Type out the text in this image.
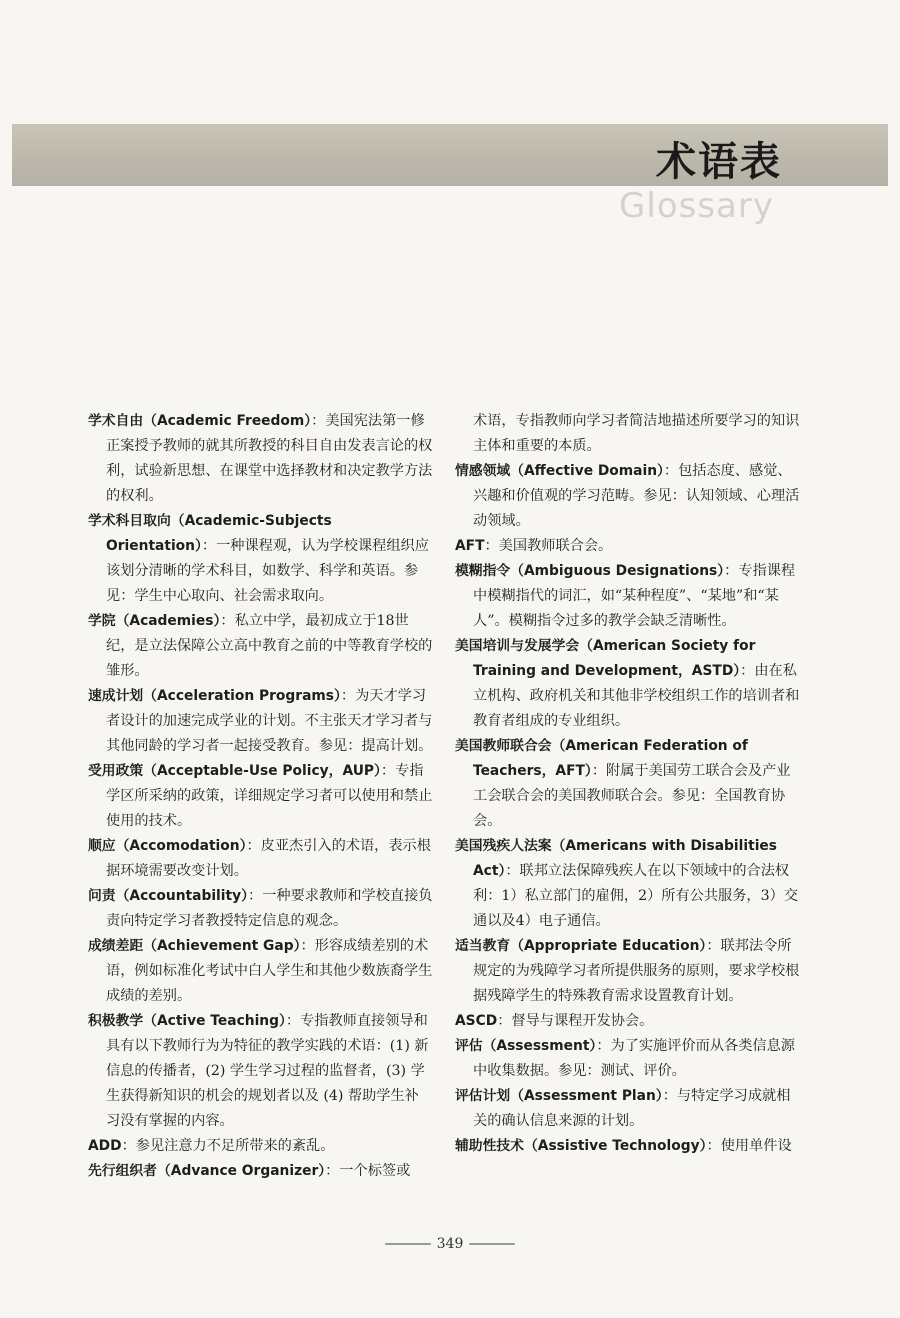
术语表
Glossary

学术自由（Academic Freedom）：美国宪法第一修正案授予教师的就其所教授的科目自由发表言论的权利，试验新思想、在课堂中选择教材和决定教学方法的权利。

学术科目取向（Academic-Subjects Orientation）：一种课程观，认为学校课程组织应该划分清晰的学术科目，如数学、科学和英语。参见：学生中心取向、社会需求取向。

学院（Academies）：私立中学，最初成立于18世纪，是立法保障公立高中教育之前的中等教育学校的雏形。

速成计划（Acceleration Programs）：为天才学习者设计的加速完成学业的计划。不主张天才学习者与其他同龄的学习者一起接受教育。参见：提高计划。

受用政策（Acceptable-Use Policy，AUP）：专指学区所采纳的政策，详细规定学习者可以使用和禁止使用的技术。

顺应（Accomodation）：皮亚杰引入的术语，表示根据环境需要改变计划。

问责（Accountability）：一种要求教师和学校直接负责向特定学习者教授特定信息的观念。

成绩差距（Achievement Gap）：形容成绩差别的术语，例如标准化考试中白人学生和其他少数族裔学生成绩的差别。

积极教学（Active Teaching）：专指教师直接领导和具有以下教师行为为特征的教学实践的术语：(1) 新信息的传播者，(2) 学生学习过程的监督者，(3) 学生获得新知识的机会的规划者以及 (4) 帮助学生补习没有掌握的内容。

ADD：参见注意力不足所带来的紊乱。

先行组织者（Advance Organizer）：一个标签或

术语，专指教师向学习者简洁地描述所要学习的知识主体和重要的本质。

情感领域（Affective Domain）：包括态度、感觉、兴趣和价值观的学习范畴。参见：认知领域、心理活动领域。

AFT：美国教师联合会。

模糊指令（Ambiguous Designations）：专指课程中模糊指代的词汇，如“某种程度”、“某地”和“某人”。模糊指令过多的教学会缺乏清晰性。

美国培训与发展学会（American Society for Training and Development，ASTD）：由在私立机构、政府机关和其他非学校组织工作的培训者和教育者组成的专业组织。

美国教师联合会（American Federation of Teachers，AFT）：附属于美国劳工联合会及产业工会联合会的美国教师联合会。参见：全国教育协会。

美国残疾人法案（Americans with Disabilities Act）：联邦立法保障残疾人在以下领域中的合法权利：1）私立部门的雇佣，2）所有公共服务，3）交通以及4）电子通信。

适当教育（Appropriate Education）：联邦法令所规定的为残障学习者所提供服务的原则，要求学校根据残障学生的特殊教育需求设置教育计划。

ASCD：督导与课程开发协会。

评估（Assessment）：为了实施评价而从各类信息源中收集数据。参见：测试、评价。

评估计划（Assessment Plan）：与特定学习成就相关的确认信息来源的计划。

辅助性技术（Assistive Technology）：使用单件设

349
